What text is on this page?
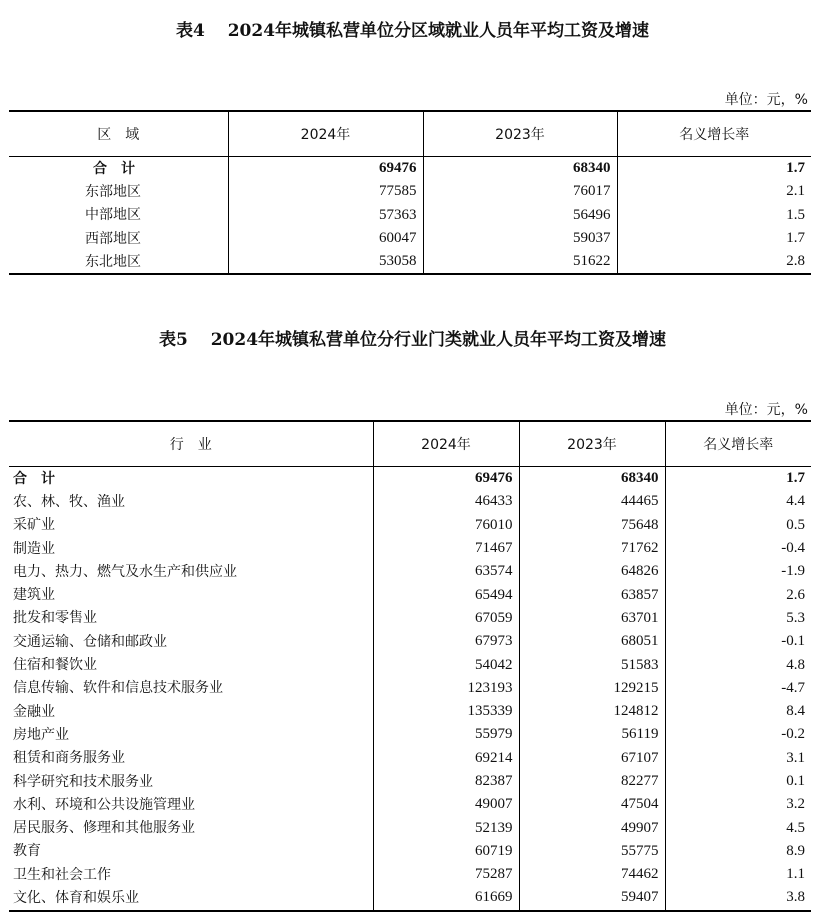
表4　 2024年城镇私营单位分区域就业人员年平均工资及增速
单位：元，%
区　域	2024年	2023年	名义增长率
合　计	69476	68340	1.7
东部地区	77585	76017	2.1
中部地区	57363	56496	1.5
西部地区	60047	59037	1.7
东北地区	53058	51622	2.8
表5　 2024年城镇私营单位分行业门类就业人员年平均工资及增速
单位：元，%
行　业	2024年	2023年	名义增长率
合　计	69476	68340	1.7
农、林、牧、渔业	46433	44465	4.4
采矿业	76010	75648	0.5
制造业	71467	71762	-0.4
电力、热力、燃气及水生产和供应业	63574	64826	-1.9
建筑业	65494	63857	2.6
批发和零售业	67059	63701	5.3
交通运输、仓储和邮政业	67973	68051	-0.1
住宿和餐饮业	54042	51583	4.8
信息传输、软件和信息技术服务业	123193	129215	-4.7
金融业	135339	124812	8.4
房地产业	55979	56119	-0.2
租赁和商务服务业	69214	67107	3.1
科学研究和技术服务业	82387	82277	0.1
水利、环境和公共设施管理业	49007	47504	3.2
居民服务、修理和其他服务业	52139	49907	4.5
教育	60719	55775	8.9
卫生和社会工作	75287	74462	1.1
文化、体育和娱乐业	61669	59407	3.8
